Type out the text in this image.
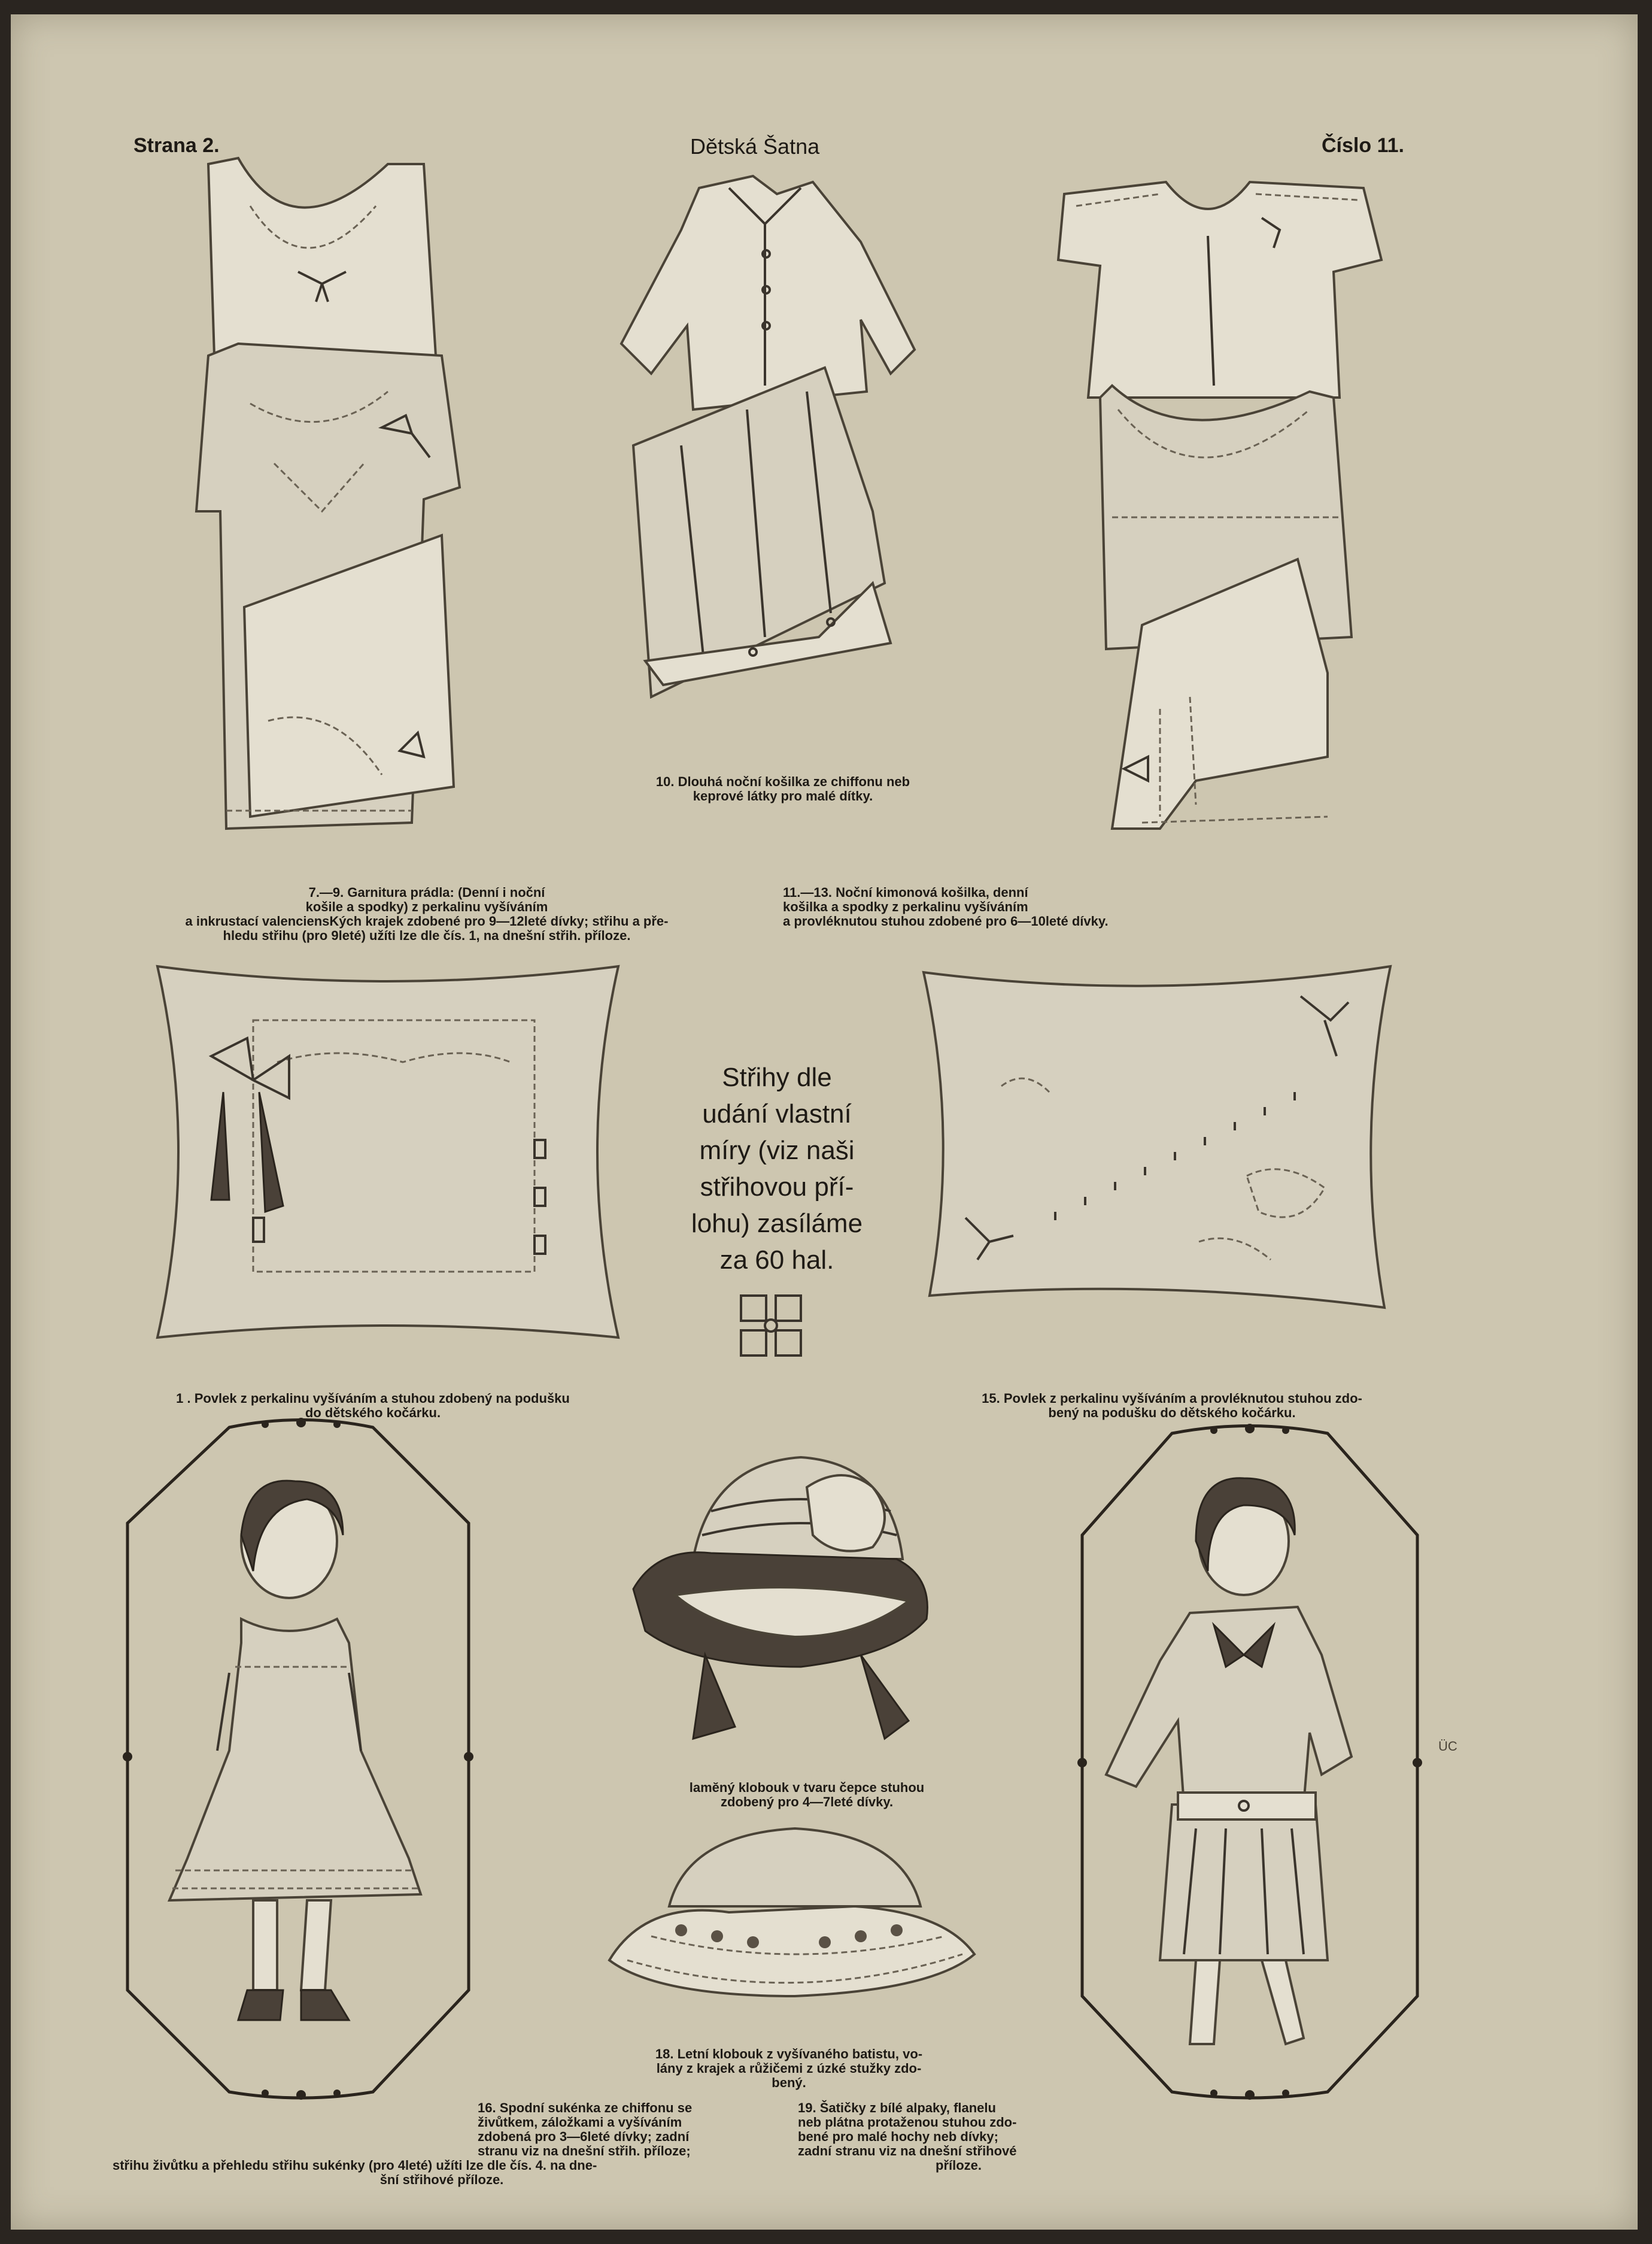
Strana 2.	Dětská Šatna	Číslo 11.
10. Dlouhá noční košilka ze chiffonu neb
keprové látky pro malé dítky.
7.—9. Garnitura prádla: (Denní i noční
košile a spodky) z perkalinu vyšíváním
a inkrustací valenciensKých krajek zdobené pro 9—12leté dívky; střihu a pře-
hledu střihu (pro 9leté) užíti lze dle čís. 1, na dnešní střih. příloze.
11.—13. Noční kimonová košilka, denní
košilka a spodky z perkalinu vyšíváním
a provléknutou stuhou zdobené pro 6—10leté dívky.
Střihy dle
udání vlastní
míry (viz naši
střihovou pří-
lohu) zasíláme
za 60 hal.
1 . Povlek z perkalinu vyšíváním a stuhou zdobený na podušku
do dětského kočárku.
15. Povlek z perkalinu vyšíváním a provléknutou stuhou zdo-
bený na podušku do dětského kočárku.
lamĕný klobouk v tvaru čepce stuhou
zdobený pro 4—7leté dívky.
18. Letní klobouk z vyšívaného batistu, vo-
lány z krajek a růžičemi z úzké stužky zdo-
bený.
ÜC
16. Spodní sukénka ze chiffonu se
živůtkem, záložkami a vyšíváním
zdobená pro 3—6leté dívky; zadní
stranu viz na dnešní střih. příloze;
střihu živůtku a přehledu střihu sukénky (pro 4leté) užíti lze dle čís. 4. na dne-
šní střihové příloze.
19. Šatičky z bílé alpaky, flanelu
neb plátna protaženou stuhou zdo-
bené pro malé hochy neb dívky;
zadní stranu viz na dnešní střihové
příloze.
